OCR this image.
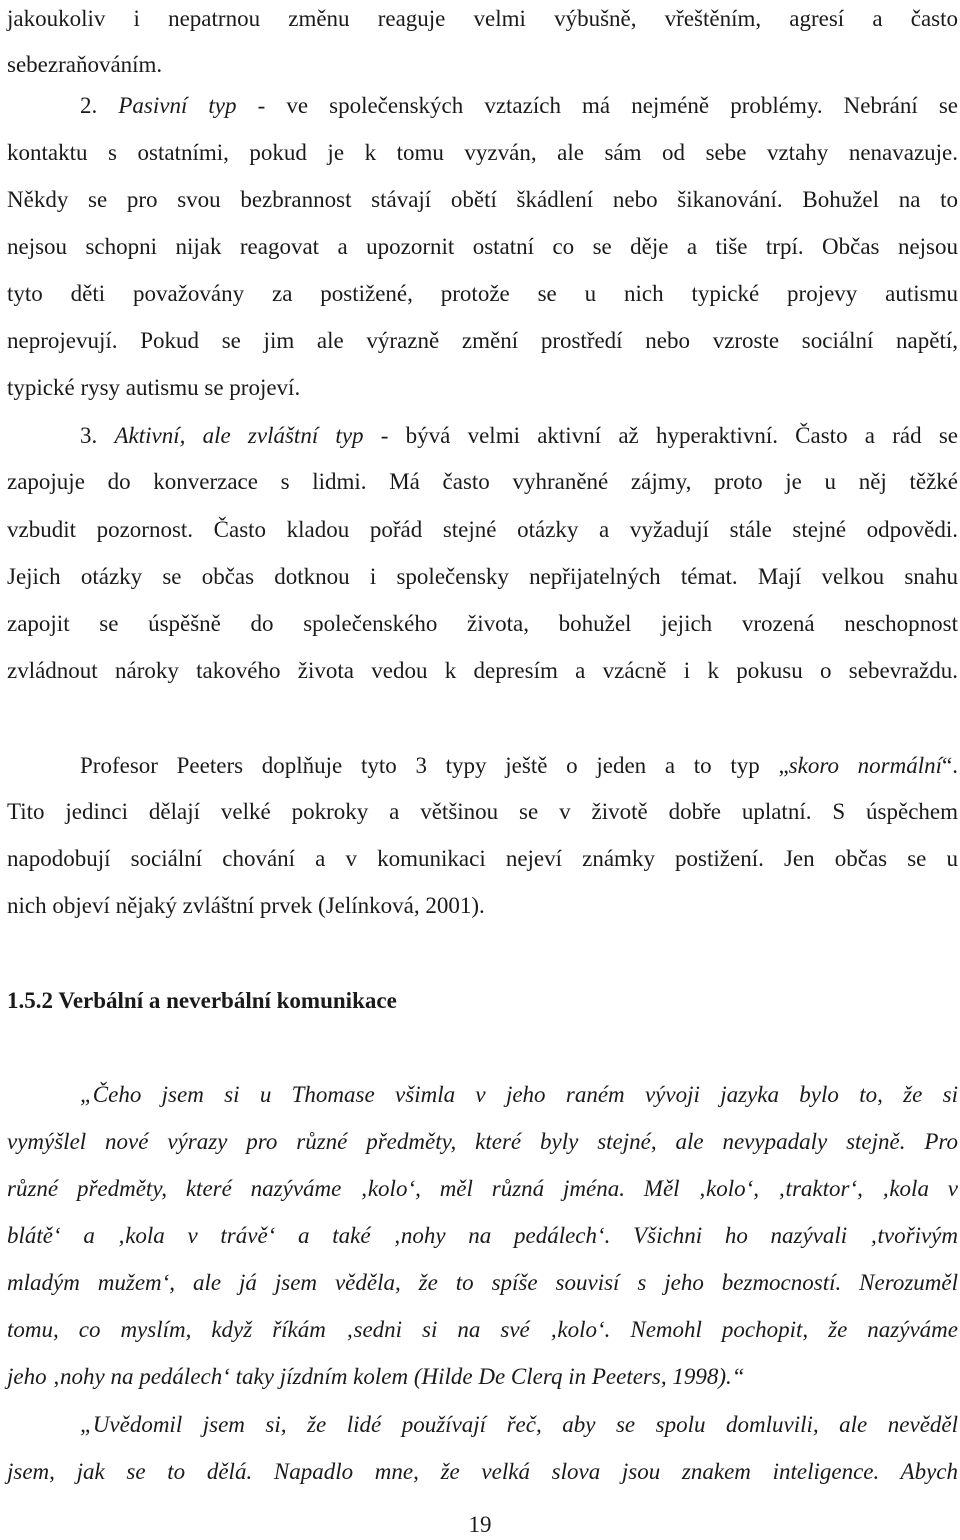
jakoukoliv i nepatrnou změnu reaguje velmi výbušně, vřeštěním, agresí a často
sebezraňováním.
2. Pasivní typ - ve společenských vztazích má nejméně problémy. Nebrání se
kontaktu s ostatními, pokud je k tomu vyzván, ale sám od sebe vztahy nenavazuje.
Někdy se pro svou bezbrannost stávají obětí škádlení nebo šikanování. Bohužel na to
nejsou schopni nijak reagovat a upozornit ostatní co se děje a tiše trpí. Občas nejsou
tyto děti považovány za postižené, protože se u nich typické projevy autismu
neprojevují. Pokud se jim ale výrazně změní prostředí nebo vzroste sociální napětí,
typické rysy autismu se projeví.
3. Aktivní, ale zvláštní typ - bývá velmi aktivní až hyperaktivní. Často a rád se
zapojuje do konverzace s lidmi. Má často vyhraněné zájmy, proto je u něj těžké
vzbudit pozornost. Často kladou pořád stejné otázky a vyžadují stále stejné odpovědi.
Jejich otázky se občas dotknou i společensky nepřijatelných témat. Mají velkou snahu
zapojit se úspěšně do společenského života, bohužel jejich vrozená neschopnost
zvládnout nároky takového života vedou k depresím a vzácně i k pokusu o sebevraždu.
Profesor Peeters doplňuje tyto 3 typy ještě o jeden a to typ „skoro normální“.
Tito jedinci dělají velké pokroky a většinou se v životě dobře uplatní. S úspěchem
napodobují sociální chování a v komunikaci nejeví známky postižení. Jen občas se u
nich objeví nějaký zvláštní prvek (Jelínková, 2001).
1.5.2 Verbální a neverbální komunikace
„Čeho jsem si u Thomase všimla v jeho raném vývoji jazyka bylo to, že si
vymýšlel nové výrazy pro různé předměty, které byly stejné, ale nevypadaly stejně. Pro
různé předměty, které nazýváme ‚kolo‘, měl různá jména. Měl ‚kolo‘, ‚traktor‘, ‚kola v
blátě‘ a ‚kola v trávě‘ a také ‚nohy na pedálech‘. Všichni ho nazývali ‚tvořivým
mladým mužem‘, ale já jsem věděla, že to spíše souvisí s jeho bezmocností. Nerozuměl
tomu, co myslím, když říkám ‚sedni si na své ‚kolo‘. Nemohl pochopit, že nazýváme
jeho ‚nohy na pedálech‘ taky jízdním kolem (Hilde De Clerq in Peeters, 1998).“
„Uvědomil jsem si, že lidé používají řeč, aby se spolu domluvili, ale nevěděl
jsem, jak se to dělá. Napadlo mne, že velká slova jsou znakem inteligence. Abych
19
